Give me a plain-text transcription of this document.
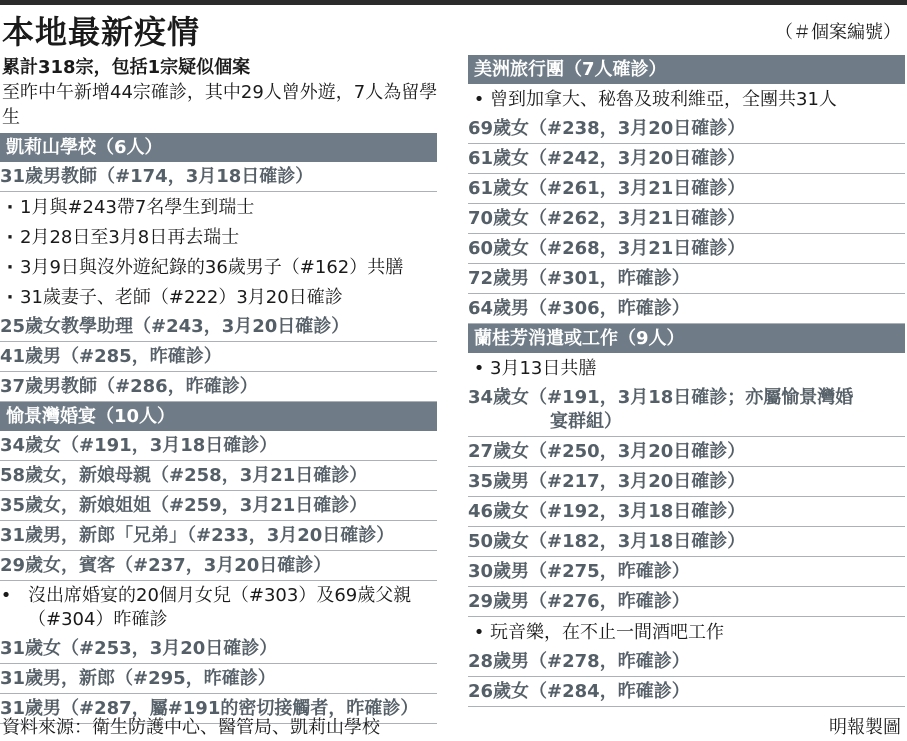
本地最新疫情	（＃個案編號）
累計318宗，包括1宗疑似個案
至昨中午新增44宗確診，其中29人曾外遊，7人為留學生
凱莉山學校（6人）
31歲男教師（#174，3月18日確診）
‧ 1月與#243帶7名學生到瑞士
‧ 2月28日至3月8日再去瑞士
‧ 3月9日與沒外遊紀錄的36歲男子（#162）共膳
‧ 31歲妻子、老師（#222）3月20日確診
25歲女教學助理（#243，3月20日確診）
41歲男（#285，昨確診）
37歲男教師（#286，昨確診）
愉景灣婚宴（10人）
34歲女（#191，3月18日確診）
58歲女，新娘母親（#258，3月21日確診）
35歲女，新娘姐姐（#259，3月21日確診）
31歲男，新郎「兄弟」（#233，3月20日確診）
29歲女，賓客（#237，3月20日確診）
• 沒出席婚宴的20個月女兒（#303）及69歲父親（#304）昨確診
31歲女（#253，3月20日確診）
31歲男，新郎（#295，昨確診）
31歲男（#287，屬#191的密切接觸者，昨確診）
美洲旅行團（7人確診）
• 曾到加拿大、秘魯及玻利維亞，全團共31人
69歲女（#238，3月20日確診）
61歲女（#242，3月20日確診）
61歲女（#261，3月21日確診）
70歲女（#262，3月21日確診）
60歲女（#268，3月21日確診）
72歲男（#301，昨確診）
64歲男（#306，昨確診）
蘭桂芳消遣或工作（9人）
• 3月13日共膳
34歲女（#191，3月18日確診；亦屬愉景灣婚
宴群組）
27歲女（#250，3月20日確診）
35歲男（#217，3月20日確診）
46歲女（#192，3月18日確診）
50歲女（#182，3月18日確診）
30歲男（#275，昨確診）
29歲男（#276，昨確診）
• 玩音樂，在不止一間酒吧工作
28歲男（#278，昨確診）
26歲女（#284，昨確診）
資料來源：衛生防護中心、醫管局、凱莉山學校	明報製圖
